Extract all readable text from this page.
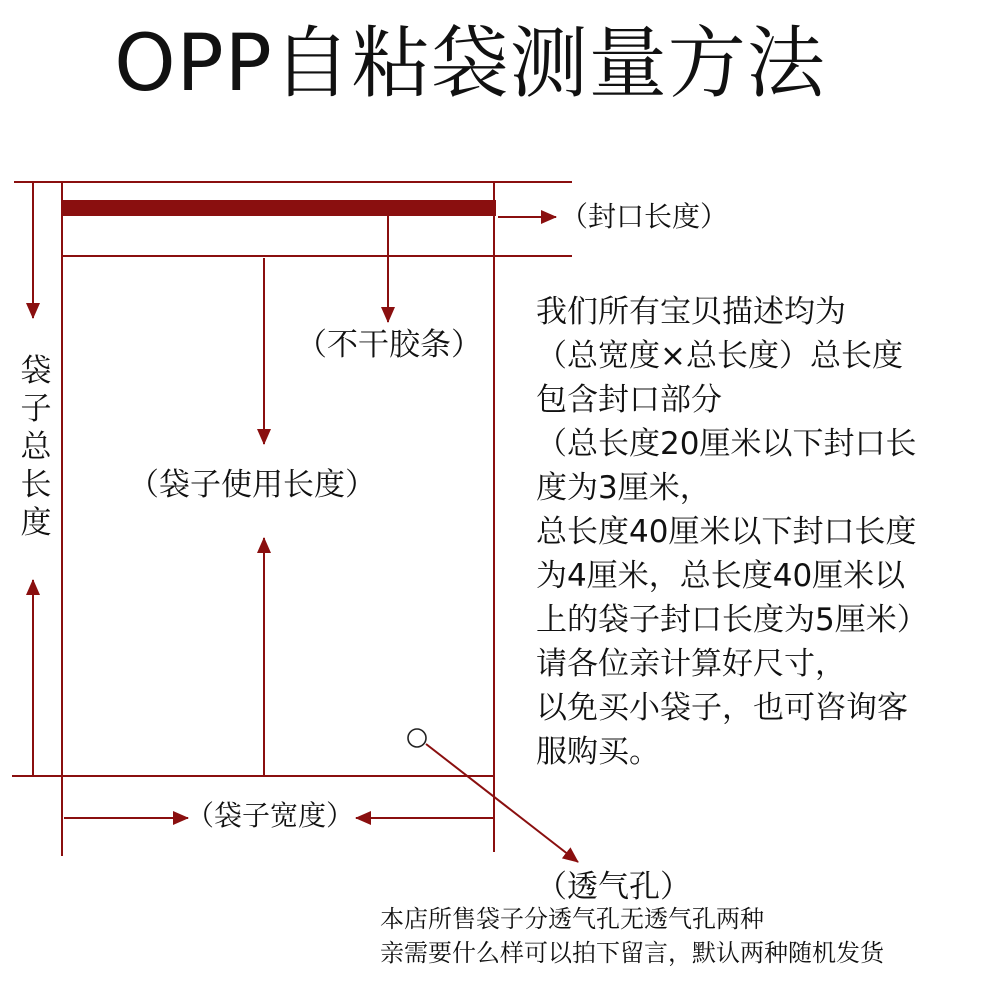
OPP自粘袋测量方法
（封口长度）
（不干胶条）
（袋子使用长度）
（袋子宽度）
（透气孔）
袋
子
总
长
度
我们所有宝贝描述均为
（总宽度×总长度）总长度
包含封口部分
（总长度20厘米以下封口长
度为3厘米，
总长度40厘米以下封口长度
为4厘米，总长度40厘米以
上的袋子封口长度为5厘米）
请各位亲计算好尺寸，
以免买小袋子，也可咨询客
服购买。
本店所售袋子分透气孔无透气孔两种
亲需要什么样可以拍下留言，默认两种随机发货
